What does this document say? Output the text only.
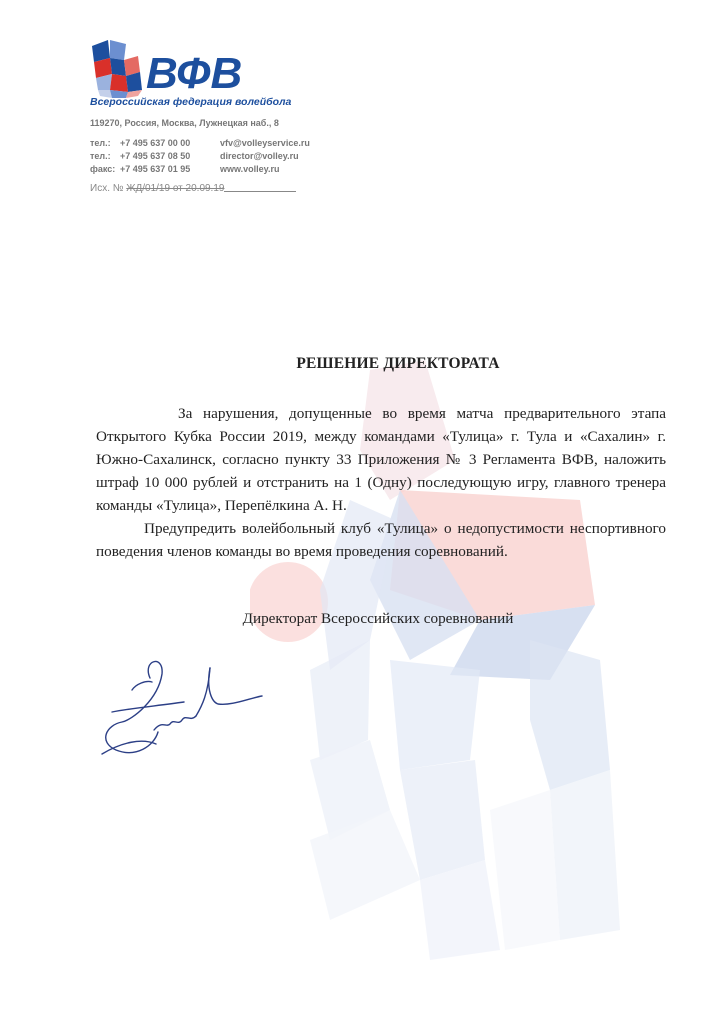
ВФВ
Всероссийская федерация волейбола
119270, Россия, Москва, Лужнецкая наб., 8
тел.:	+7 495 637 00 00	vfv@volleyservice.ru
тел.:	+7 495 637 08 50	director@volley.ru
факс: +7 495 637 01 95	www.volley.ru
Исх. № ЖД/01/19 от 20.09.19
РЕШЕНИЕ ДИРЕКТОРАТА

За нарушения, допущенные во время матча предварительного этапа Открытого Кубка России 2019, между командами «Тулица» г. Тула и «Сахалин» г. Южно-Сахалинск, согласно пункту 33 Приложения № 3 Регламента ВФВ, наложить штраф 10 000 рублей и отстранить на 1 (Одну) последующую игру, главного тренера команды «Тулица», Перепёлкина А. Н.

Предупредить волейбольный клуб «Тулица» о недопустимости неспортивного поведения членов команды во время проведения соревнований.

Директорат Всероссийских соревнований
